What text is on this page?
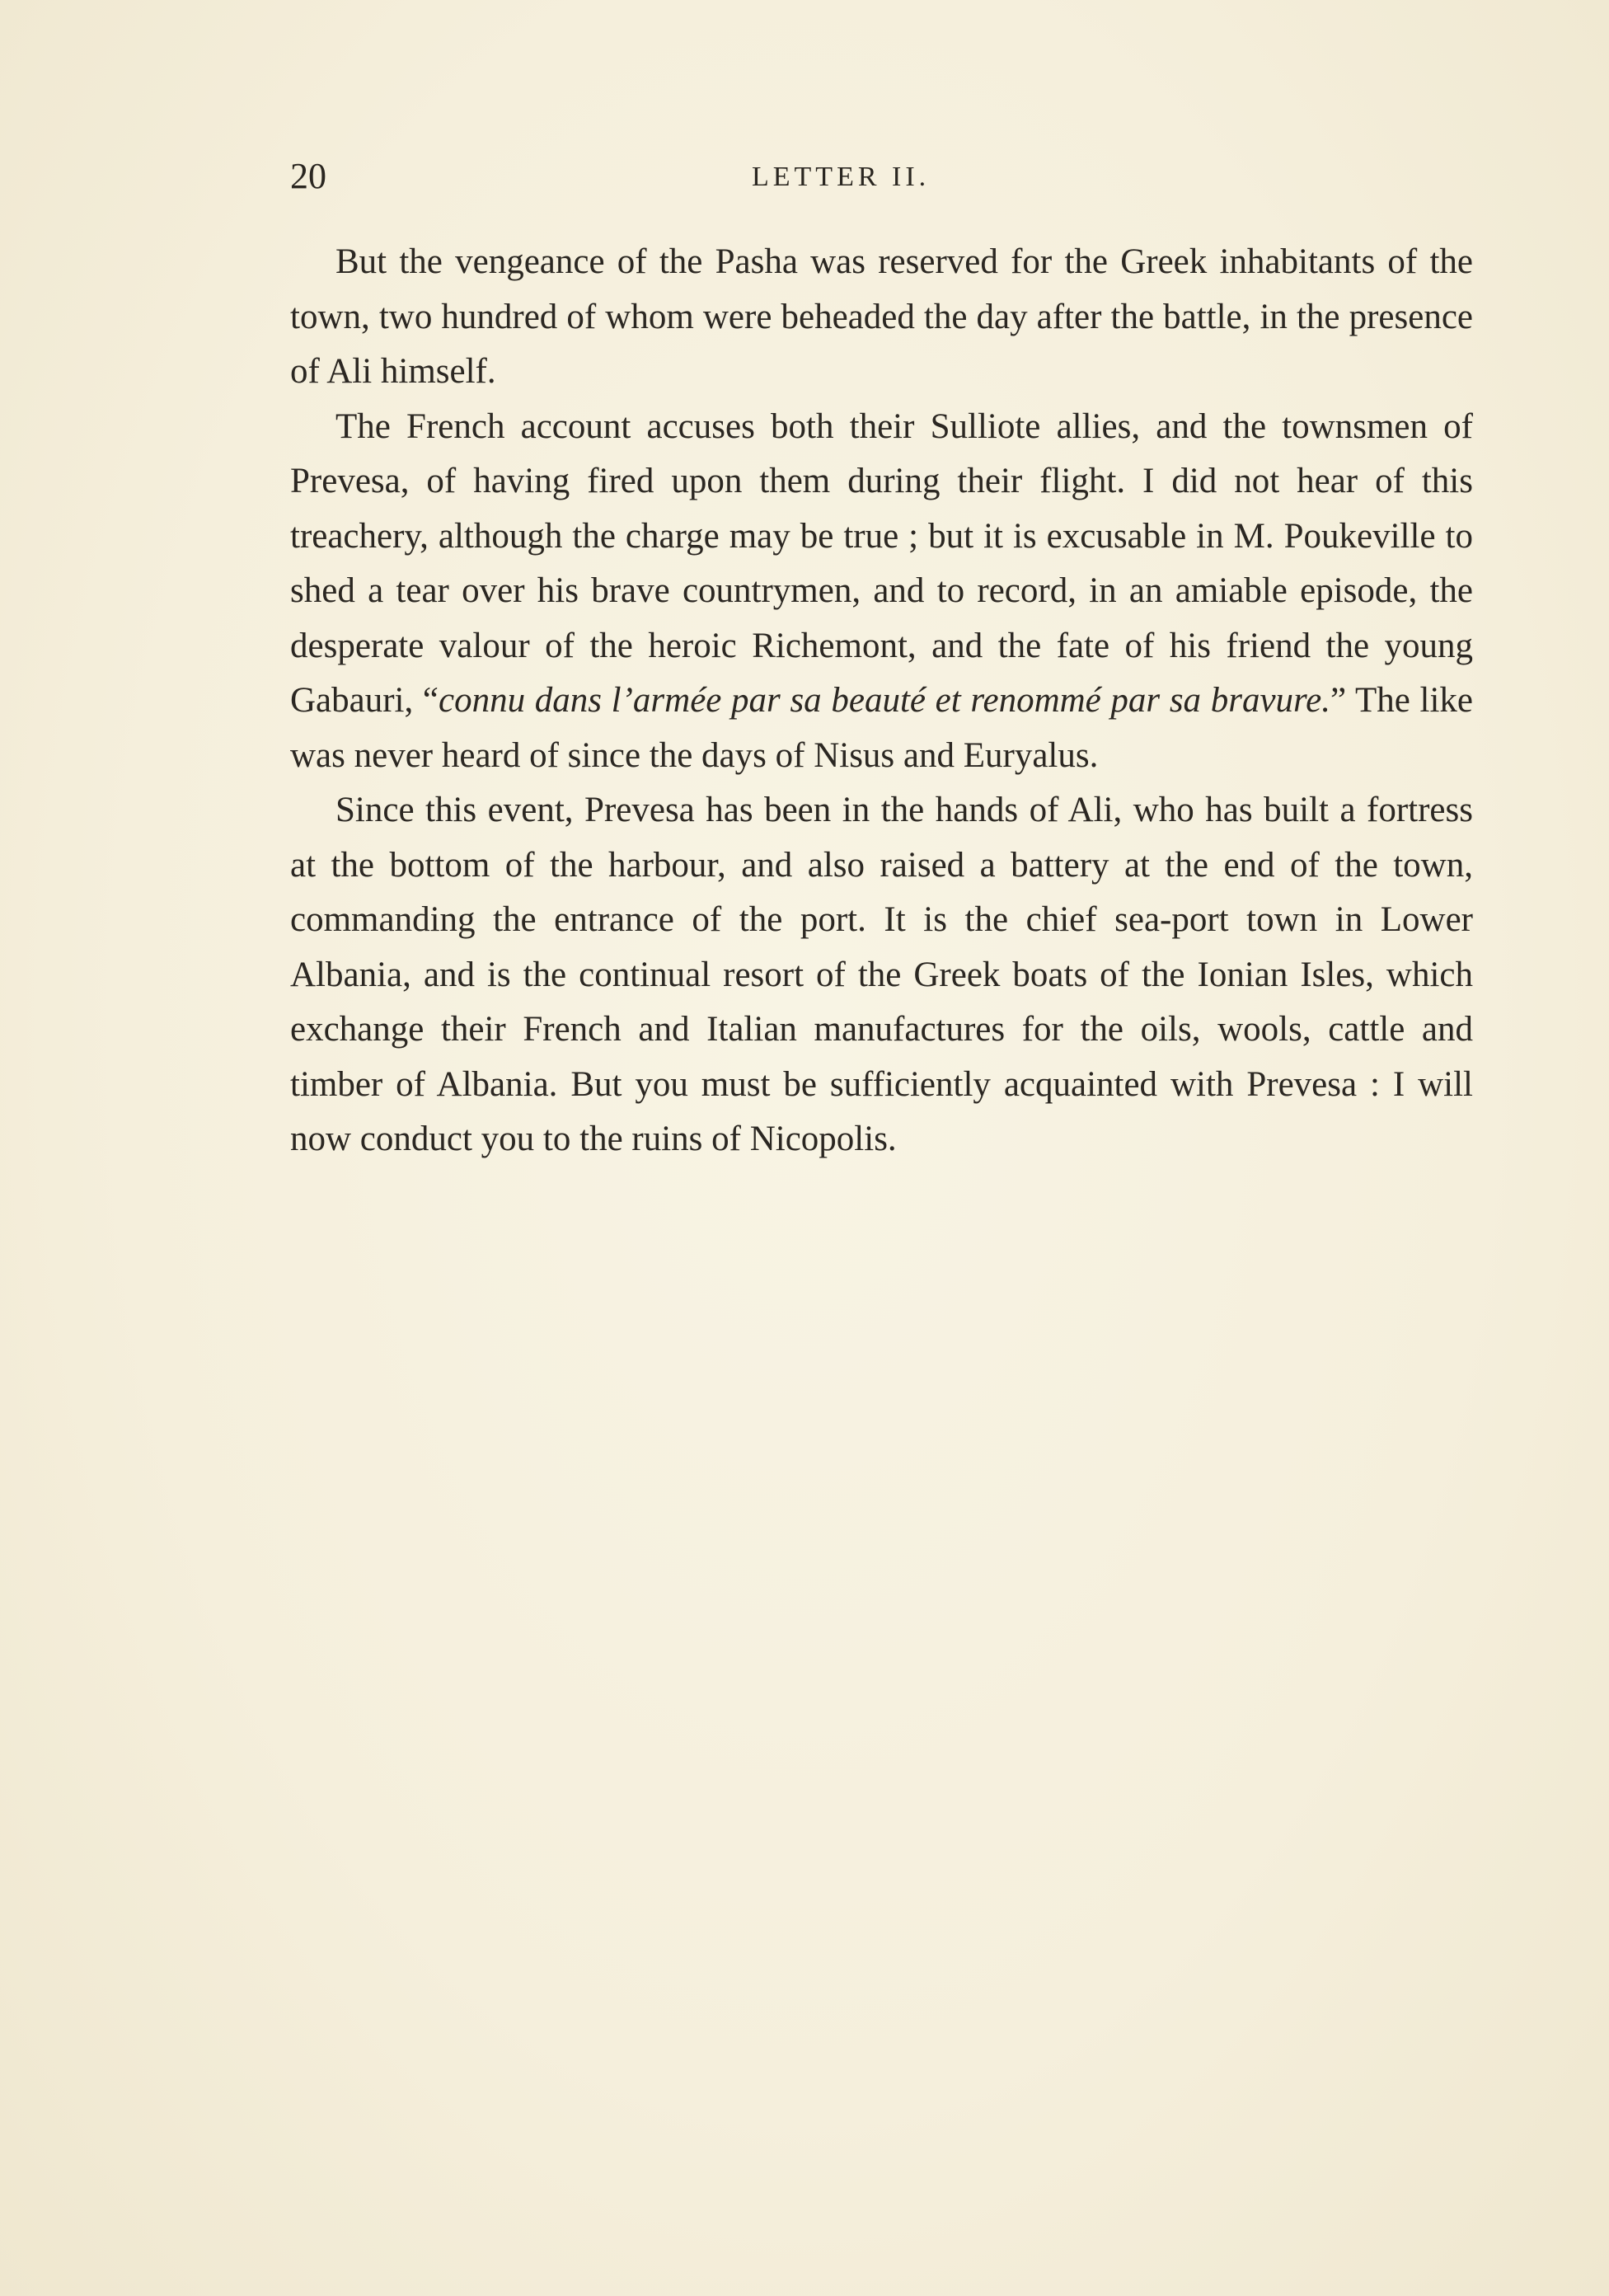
20	LETTER II.

But the vengeance of the Pasha was reserved for the Greek inhabitants of the town, two hundred of whom were beheaded the day after the battle, in the presence of Ali himself.

The French account accuses both their Sulliote allies, and the townsmen of Prevesa, of having fired upon them during their flight. I did not hear of this treachery, although the charge may be true ; but it is excusable in M. Poukeville to shed a tear over his brave countrymen, and to record, in an amiable episode, the desperate valour of the heroic Richemont, and the fate of his friend the young Gabauri, “connu dans l’armée par sa beauté et renommé par sa bravure.” The like was never heard of since the days of Nisus and Euryalus.

Since this event, Prevesa has been in the hands of Ali, who has built a fortress at the bottom of the harbour, and also raised a battery at the end of the town, commanding the entrance of the port. It is the chief sea-port town in Lower Albania, and is the continual resort of the Greek boats of the Ionian Isles, which exchange their French and Italian manufactures for the oils, wools, cattle and timber of Albania. But you must be sufficiently acquainted with Prevesa : I will now conduct you to the ruins of Nicopolis.
